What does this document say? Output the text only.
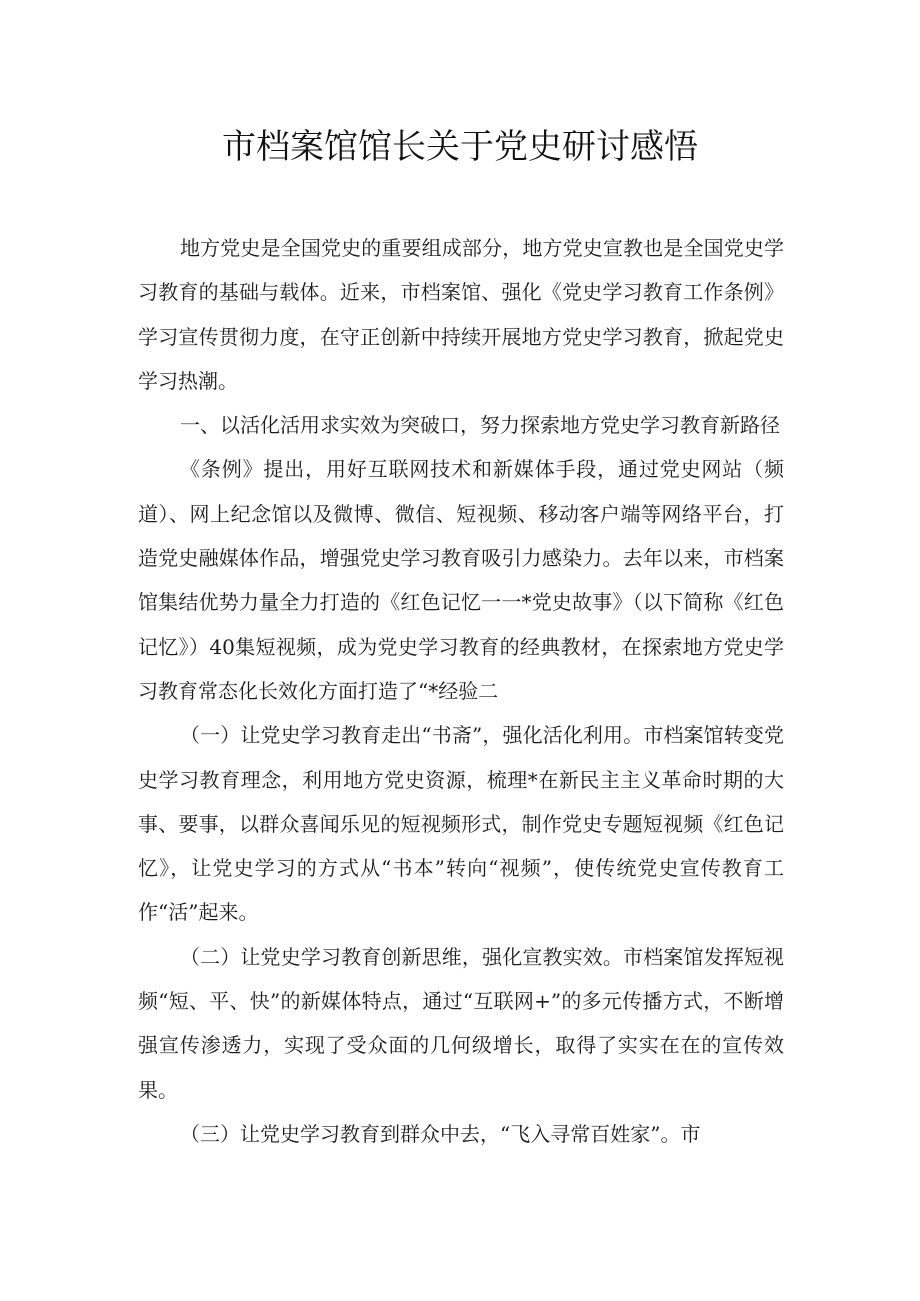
市档案馆馆长关于党史研讨感悟

地方党史是全国党史的重要组成部分，地方党史宣教也是全国党史学习教育的基础与载体。近来，市档案馆、强化《党史学习教育工作条例》学习宣传贯彻力度，在守正创新中持续开展地方党史学习教育，掀起党史学习热潮。

一、以活化活用求实效为突破口，努力探索地方党史学习教育新路径

《条例》提出，用好互联网技术和新媒体手段，通过党史网站（频道）、网上纪念馆以及微博、微信、短视频、移动客户端等网络平台，打造党史融媒体作品，增强党史学习教育吸引力感染力。去年以来，市档案馆集结优势力量全力打造的《红色记忆一一*党史故事》（以下简称《红色记忆》）40集短视频，成为党史学习教育的经典教材，在探索地方党史学习教育常态化长效化方面打造了“*经验二

（一）让党史学习教育走出“书斋”，强化活化利用。市档案馆转变党史学习教育理念，利用地方党史资源，梳理*在新民主主义革命时期的大事、要事，以群众喜闻乐见的短视频形式，制作党史专题短视频《红色记忆》，让党史学习的方式从“书本”转向“视频”，使传统党史宣传教育工作“活”起来。

（二）让党史学习教育创新思维，强化宣教实效。市档案馆发挥短视频“短、平、快”的新媒体特点，通过“互联网+”的多元传播方式，不断增强宣传渗透力，实现了受众面的几何级增长，取得了实实在在的宣传效果。

（三）让党史学习教育到群众中去，“飞入寻常百姓家”。市
